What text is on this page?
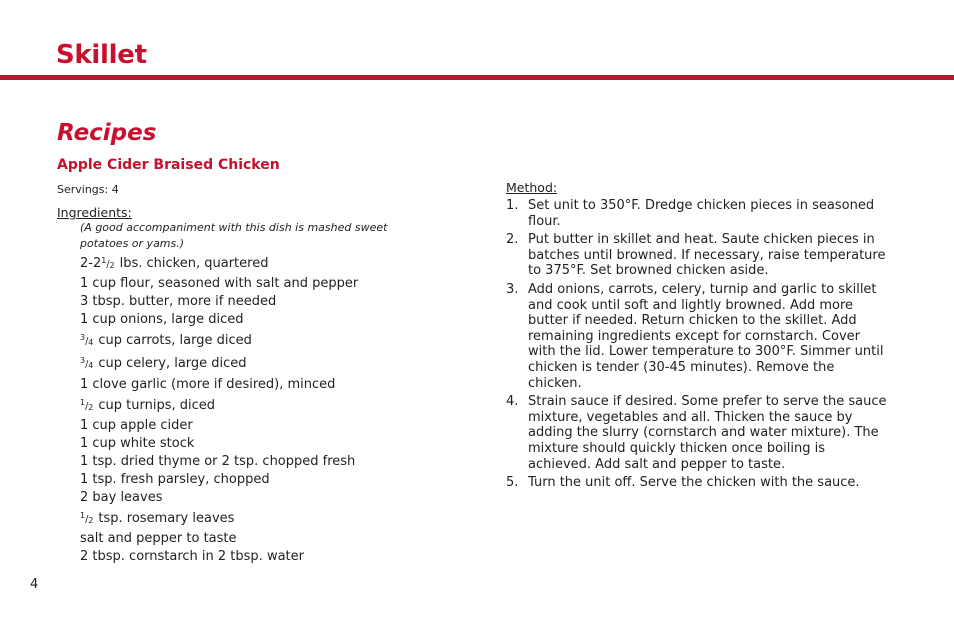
Skillet
Recipes
Apple Cider Braised Chicken
Servings: 4
Ingredients:
(A good accompaniment with this dish is mashed sweet potatoes or yams.)
$2-2^1/_2$ lbs. chicken, quartered
1 cup flour, seasoned with salt and pepper
3 tbsp. butter, more if needed
1 cup onions, large diced
$^3/_4$ cup carrots, large diced
$^3/_4$ cup celery, large diced
1 clove garlic (more if desired), minced
$^1/_2$ cup turnips, diced
1 cup apple cider
1 cup white stock
1 tsp. dried thyme or 2 tsp. chopped fresh
1 tsp. fresh parsley, chopped
2 bay leaves
$^1/_2$ tsp. rosemary leaves
salt and pepper to taste
2 tbsp. cornstarch in 2 tbsp. water
Method:
1. Set unit to 350°F. Dredge chicken pieces in seasoned flour.
2. Put butter in skillet and heat. Saute chicken pieces in batches until browned. If necessary, raise temperature to 375°F. Set browned chicken aside.
3. Add onions, carrots, celery, turnip and garlic to skillet and cook until soft and lightly browned. Add more butter if needed. Return chicken to the skillet. Add remaining ingredients except for cornstarch. Cover with the lid. Lower temperature to 300°F. Simmer until chicken is tender (30-45 minutes). Remove the chicken.
4. Strain sauce if desired. Some prefer to serve the sauce mixture, vegetables and all. Thicken the sauce by adding the slurry (cornstarch and water mixture). The mixture should quickly thicken once boiling is achieved. Add salt and pepper to taste.
5. Turn the unit off. Serve the chicken with the sauce.
4
